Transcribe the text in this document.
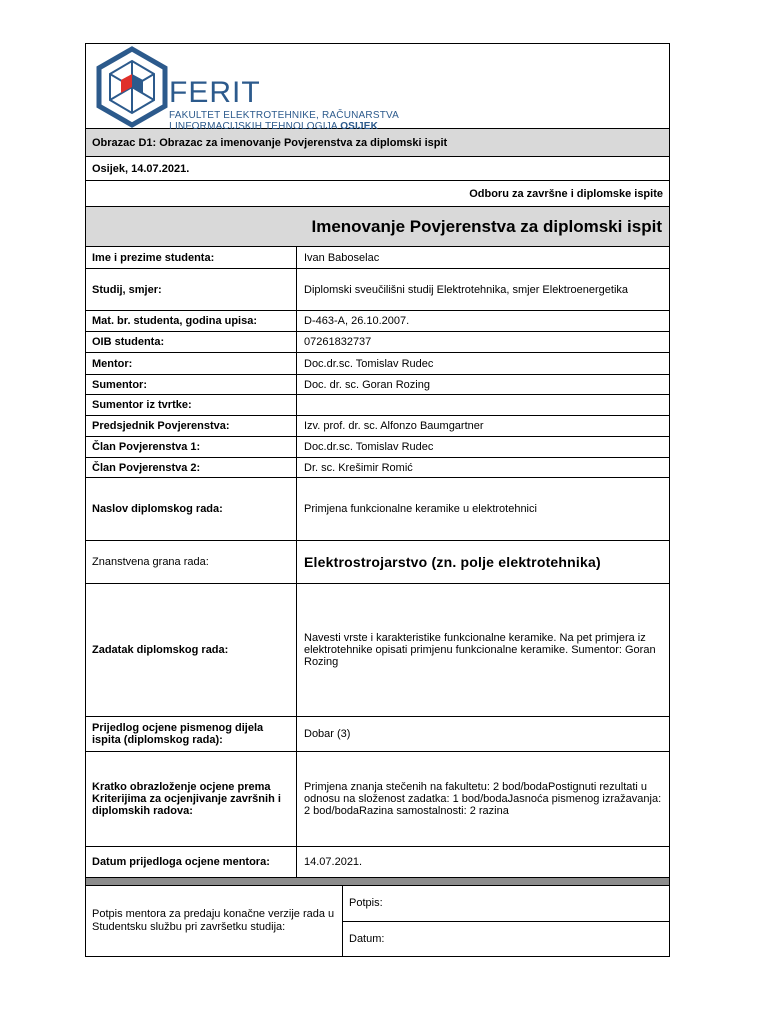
FERIT
FAKULTET ELEKTROTEHNIKE, RAČUNARSTVA
I INFORMACIJSKIH TEHNOLOGIJA OSIJEK
Obrazac D1: Obrazac za imenovanje Povjerenstva za diplomski ispit
Osijek, 14.07.2021.
Odboru za završne i diplomske ispite
Imenovanje Povjerenstva za diplomski ispit
Ime i prezime studenta:	Ivan Baboselac
Studij, smjer:	Diplomski sveučilišni studij Elektrotehnika, smjer Elektroenergetika
Mat. br. studenta, godina upisa:	D-463-A, 26.10.2007.
OIB studenta:	07261832737
Mentor:	Doc.dr.sc. Tomislav Rudec
Sumentor:	Doc. dr. sc. Goran Rozing
Sumentor iz tvrtke:
Predsjednik Povjerenstva:	Izv. prof. dr. sc. Alfonzo Baumgartner
Član Povjerenstva 1:	Doc.dr.sc. Tomislav Rudec
Član Povjerenstva 2:	Dr. sc. Krešimir Romić
Naslov diplomskog rada:	Primjena funkcionalne keramike u elektrotehnici
Znanstvena grana rada:	Elektrostrojarstvo (zn. polje elektrotehnika)
Zadatak diplomskog rada:
Navesti vrste i karakteristike funkcionalne keramike. Na pet primjera iz elektrotehnike opisati primjenu funkcionalne keramike. Sumentor: Goran Rozing
Prijedlog ocjene pismenog dijela ispita (diplomskog rada):	Dobar (3)
Kratko obrazloženje ocjene prema Kriterijima za ocjenjivanje završnih i diplomskih radova:
Primjena znanja stečenih na fakultetu: 2 bod/bodaPostignuti rezultati u odnosu na složenost zadatka: 1 bod/bodaJasnoća pismenog izražavanja: 2 bod/bodaRazina samostalnosti: 2 razina
Datum prijedloga ocjene mentora:	14.07.2021.
Potpis mentora za predaju konačne verzije rada u Studentsku službu pri završetku studija:
Potpis:
Datum:
